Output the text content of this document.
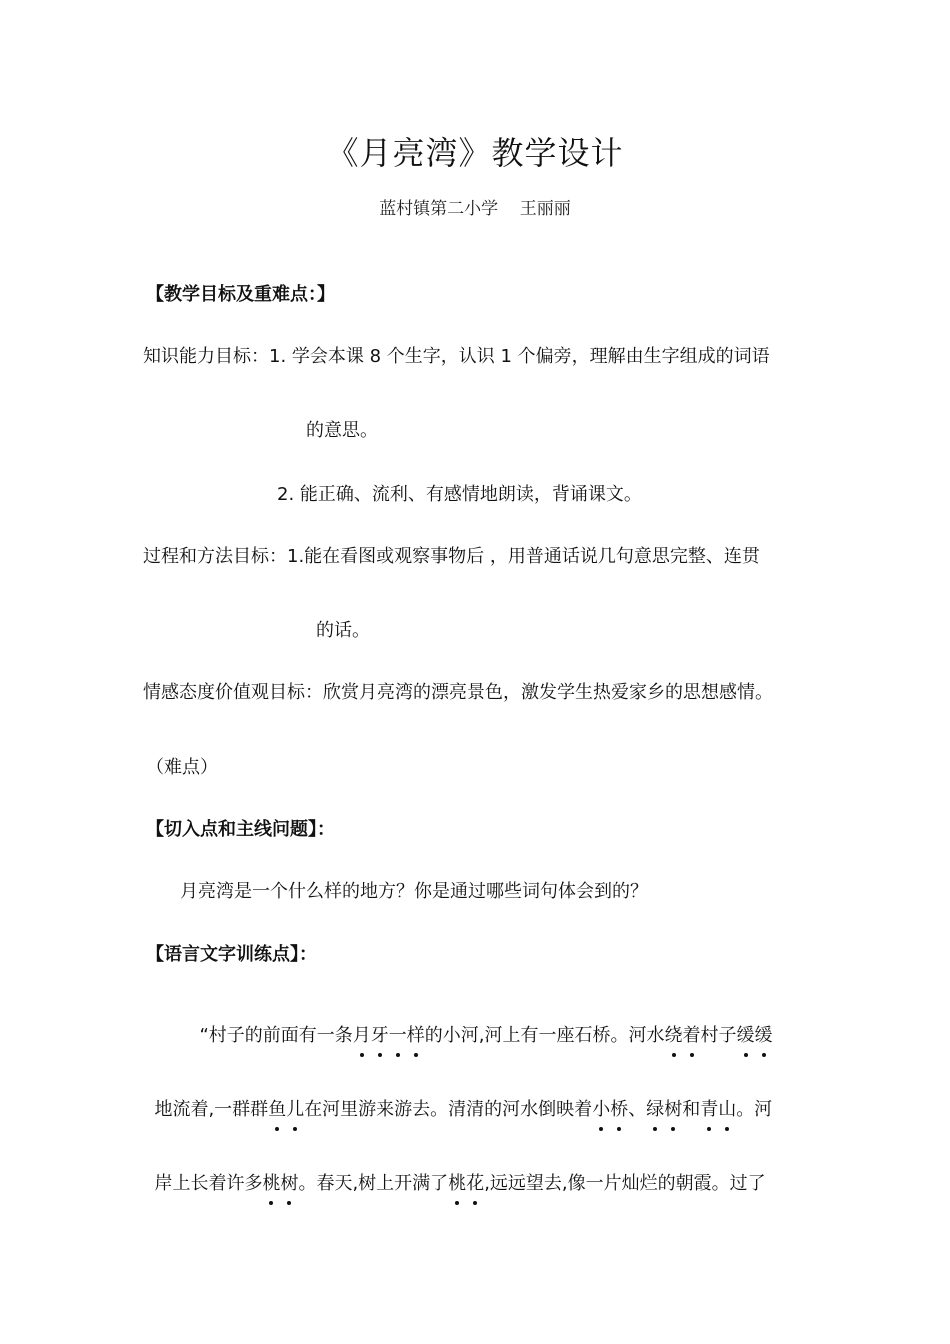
《月亮湾》教学设计
蓝村镇第二小学    王丽丽
【教学目标及重难点：】
知识能力目标：1. 学会本课 8 个生字，认识 1 个偏旁，理解由生字组成的词语
的意思。
2. 能正确、流利、有感情地朗读，背诵课文。
过程和方法目标：1.能在看图或观察事物后 ，用普通话说几句意思完整、连贯
的话。
情感态度价值观目标：欣赏月亮湾的漂亮景色，激发学生热爱家乡的思想感情。
（难点）
【切入点和主线问题】：
月亮湾是一个什么样的地方？你是通过哪些词句体会到的？
【语言文字训练点】：

“村子的前面有一条月牙一样的小河,河上有一座石桥。河水绕着村子缓缓

地流着,一群群鱼儿在河里游来游去。清清的河水倒映着小桥、绿树和青山。河

岸上长着许多桃树。春天,树上开满了桃花,远远望去,像一片灿烂的朝霞。过了
